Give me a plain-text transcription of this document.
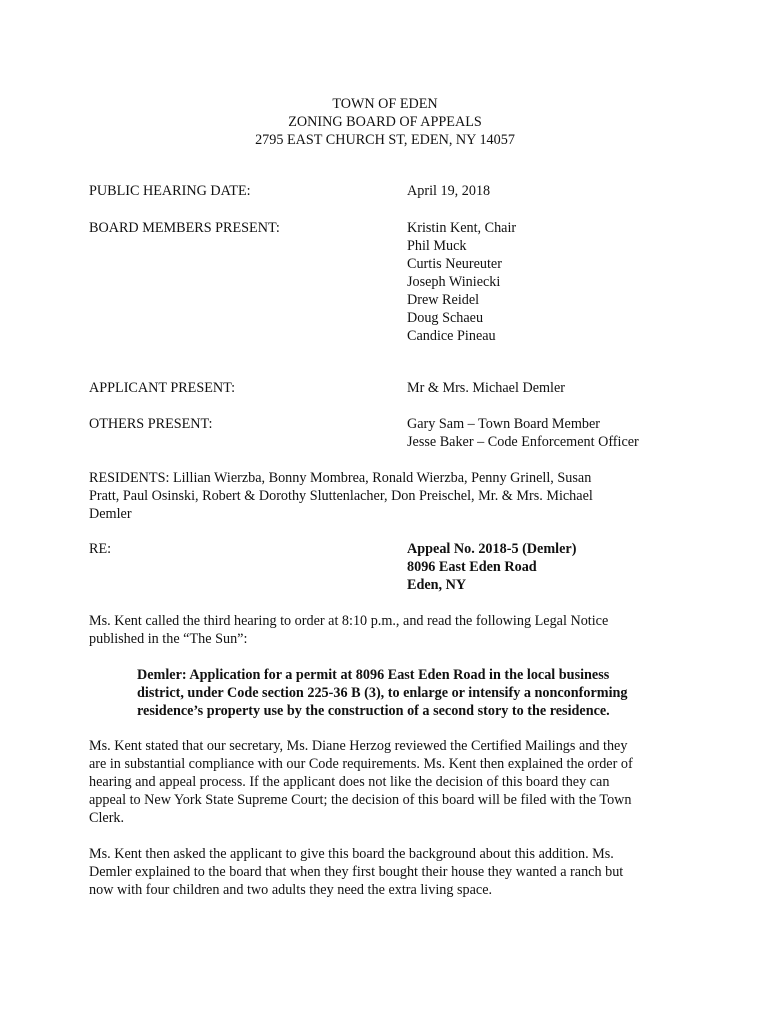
TOWN OF EDEN
ZONING BOARD OF APPEALS
2795 EAST CHURCH ST, EDEN, NY 14057
PUBLIC HEARING DATE:	April 19, 2018
BOARD MEMBERS PRESENT:	Kristin Kent, Chair
Phil Muck
Curtis Neureuter
Joseph Winiecki
Drew Reidel
Doug Schaeu
Candice Pineau
APPLICANT PRESENT:	Mr & Mrs. Michael Demler
OTHERS PRESENT:	Gary Sam – Town Board Member
Jesse Baker – Code Enforcement Officer
RESIDENTS: Lillian Wierzba, Bonny Mombrea, Ronald Wierzba, Penny Grinell, Susan
Pratt, Paul Osinski, Robert & Dorothy Sluttenlacher, Don Preischel, Mr. & Mrs. Michael
Demler
RE:	Appeal No. 2018-5 (Demler)
8096 East Eden Road
Eden, NY
Ms. Kent called the third hearing to order at 8:10 p.m., and read the following Legal Notice
published in the “The Sun”:
Demler: Application for a permit at 8096 East Eden Road in the local business
district, under Code section 225-36 B (3), to enlarge or intensify a nonconforming
residence’s property use by the construction of a second story to the residence.
Ms. Kent stated that our secretary, Ms. Diane Herzog reviewed the Certified Mailings and they
are in substantial compliance with our Code requirements. Ms. Kent then explained the order of
hearing and appeal process. If the applicant does not like the decision of this board they can
appeal to New York State Supreme Court; the decision of this board will be filed with the Town
Clerk.
Ms. Kent then asked the applicant to give this board the background about this addition. Ms.
Demler explained to the board that when they first bought their house they wanted a ranch but
now with four children and two adults they need the extra living space.
